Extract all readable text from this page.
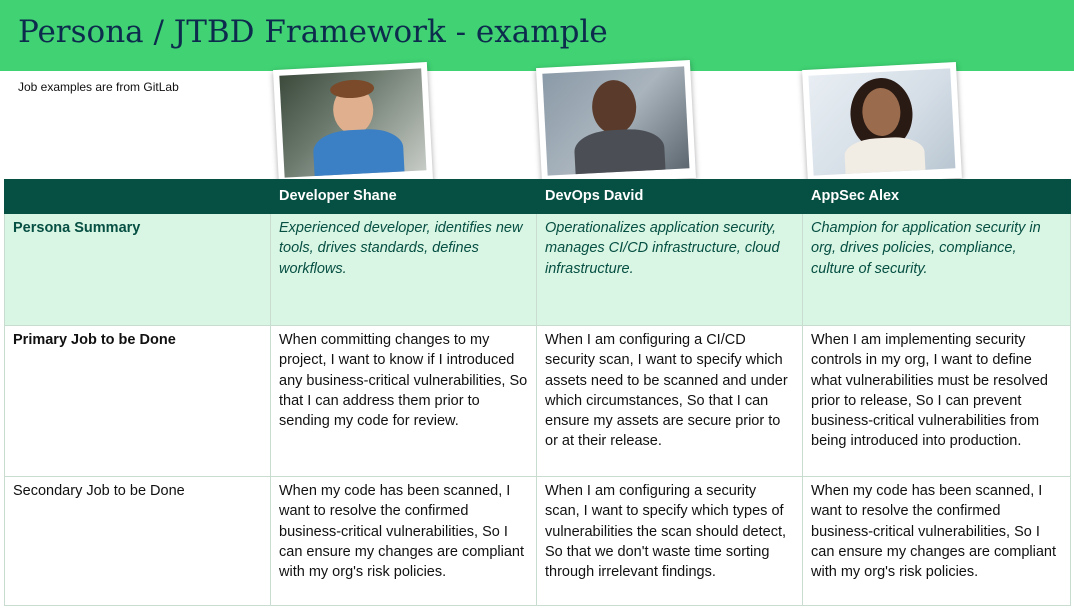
Persona / JTBD Framework - example
Job examples are from GitLab
	Developer Shane	DevOps David	AppSec Alex
Persona Summary	Experienced developer, identifies new tools, drives standards, defines workflows.	Operationalizes application security, manages CI/CD infrastructure, cloud infrastructure.	Champion for application security in org, drives policies, compliance, culture of security.
Primary Job to be Done	When committing changes to my project, I want to know if I introduced any business-critical vulnerabilities, So that I can address them prior to sending my code for review.	When I am configuring a CI/CD security scan, I want to specify which assets need to be scanned and under which circumstances, So that I can ensure my assets are secure prior to or at their release.	When I am implementing security controls in my org, I want to define what vulnerabilities must be resolved prior to release, So I can prevent business-critical vulnerabilities from being introduced into production.
Secondary Job to be Done	When my code has been scanned, I want to resolve the confirmed business-critical vulnerabilities, So I can ensure my changes are compliant with my org's risk policies.	When I am configuring a security scan, I want to specify which types of vulnerabilities the scan should detect, So that we don't waste time sorting through irrelevant findings.	When my code has been scanned, I want to resolve the confirmed business-critical vulnerabilities, So I can ensure my changes are compliant with my org's risk policies.
